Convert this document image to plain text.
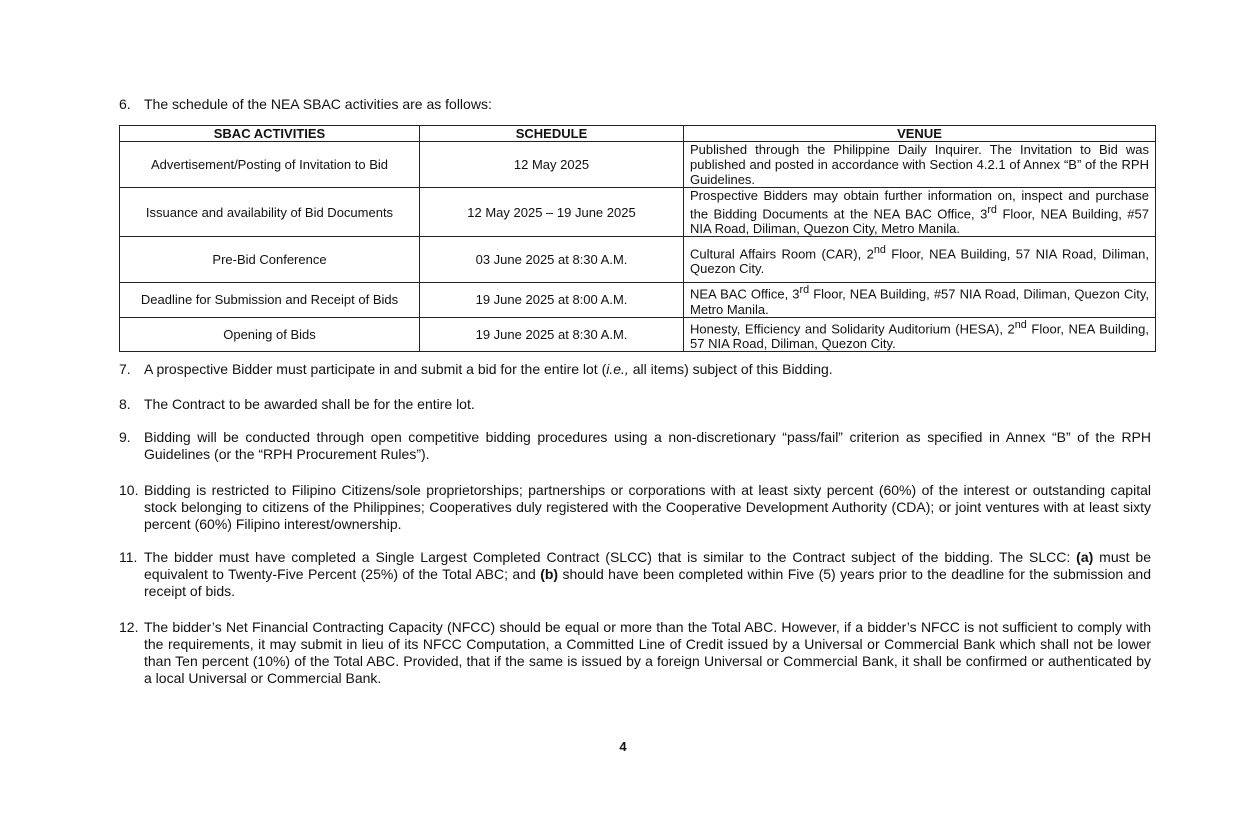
6. The schedule of the NEA SBAC activities are as follows:
SBAC ACTIVITIES	SCHEDULE	VENUE
Advertisement/Posting of Invitation to Bid	12 May 2025	Published through the Philippine Daily Inquirer. The Invitation to Bid was published and posted in accordance with Section 4.2.1 of Annex “B” of the RPH Guidelines.
Issuance and availability of Bid Documents	12 May 2025 – 19 June 2025	Prospective Bidders may obtain further information on, inspect and purchase the Bidding Documents at the NEA BAC Office, 3rd Floor, NEA Building, #57 NIA Road, Diliman, Quezon City, Metro Manila.
Pre-Bid Conference	03 June 2025 at 8:30 A.M.	Cultural Affairs Room (CAR), 2nd Floor, NEA Building, 57 NIA Road, Diliman, Quezon City.
Deadline for Submission and Receipt of Bids	19 June 2025 at 8:00 A.M.	NEA BAC Office, 3rd Floor, NEA Building, #57 NIA Road, Diliman, Quezon City, Metro Manila.
Opening of Bids	19 June 2025 at 8:30 A.M.	Honesty, Efficiency and Solidarity Auditorium (HESA), 2nd Floor, NEA Building, 57 NIA Road, Diliman, Quezon City.
7. A prospective Bidder must participate in and submit a bid for the entire lot (i.e., all items) subject of this Bidding.
8. The Contract to be awarded shall be for the entire lot.
9. Bidding will be conducted through open competitive bidding procedures using a non-discretionary “pass/fail” criterion as specified in Annex “B” of the RPH Guidelines (or the “RPH Procurement Rules”).
10. Bidding is restricted to Filipino Citizens/sole proprietorships; partnerships or corporations with at least sixty percent (60%) of the interest or outstanding capital stock belonging to citizens of the Philippines; Cooperatives duly registered with the Cooperative Development Authority (CDA); or joint ventures with at least sixty percent (60%) Filipino interest/ownership.
11. The bidder must have completed a Single Largest Completed Contract (SLCC) that is similar to the Contract subject of the bidding. The SLCC: (a) must be equivalent to Twenty-Five Percent (25%) of the Total ABC; and (b) should have been completed within Five (5) years prior to the deadline for the submission and receipt of bids.
12. The bidder’s Net Financial Contracting Capacity (NFCC) should be equal or more than the Total ABC. However, if a bidder’s NFCC is not sufficient to comply with the requirements, it may submit in lieu of its NFCC Computation, a Committed Line of Credit issued by a Universal or Commercial Bank which shall not be lower than Ten percent (10%) of the Total ABC. Provided, that if the same is issued by a foreign Universal or Commercial Bank, it shall be confirmed or authenticated by a local Universal or Commercial Bank.
4
